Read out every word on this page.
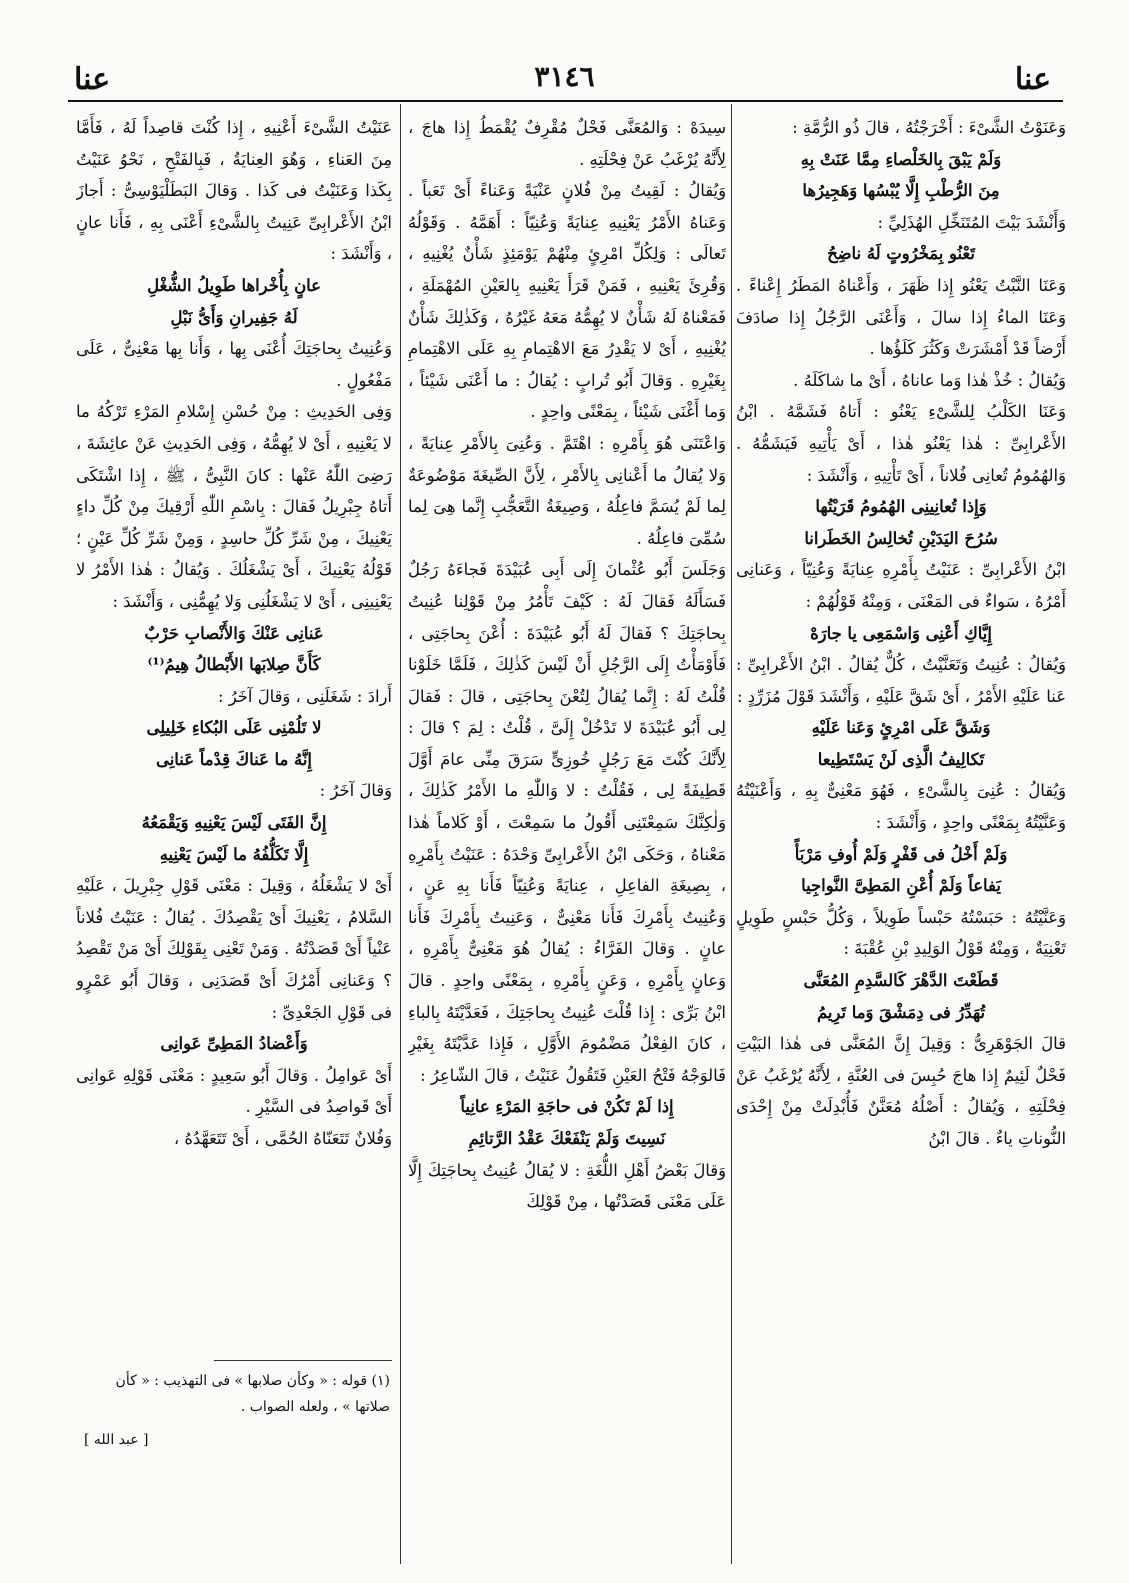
عنا	٣١٤٦	عنا

وَعَنَوْتُ الشَّىْءَ : أَخْرَجْتُهُ ، قالَ ذُو الرُّمَّةِ :

وَلَمْ يَبْقَ بِالخَلْصاءِ مِمَّا عَنَتْ بِهِ

مِنَ الرُّطْبِ إِلَّا يُبْسُها وَهَجِيرُها

وَأَنْشَدَ بَيْتَ المُتَنَخِّلِ الهُذَلِيِّ :

تَعْنُو بِمَخْرُوتٍ لَهُ ناضِحُ

وَعَنَا النَّبْتُ يَعْنُو إِذا ظَهَرَ ، وَأَعْناهُ المَطَرُ إِعْناءً . وَعَنَا الماءُ إِذا سالَ ، وَأَعْنَى الرَّجُلُ إِذا صادَفَ أَرْضاً قَدْ أَمْشَرَتْ وَكَثُرَ كَلَؤُها .

وَيُقالُ : خُذْ هٰذا وَما عاناهُ ، أَىْ ما شاكَلَهُ .

وَعَنَا الكَلْبُ لِلشَّىْءِ يَعْنُو : أَتاهُ فَشَمَّهُ . ابْنُ الأَعْرابِىِّ : هٰذا يَعْنُو هٰذا ، أَىْ يَأْتِيهِ فَيَشَمُّهُ . وَالهُمُومُ تُعانِى فُلاناً ، أَىْ تَأْتِيهِ ، وَأَنْشَدَ :

وَإِذا تُعانِينِى الهُمُومُ قَرَيْتُها

سُرُحَ اليَدَيْنِ تُخالِسُ الخَطَرانا

ابْنُ الأَعْرابِىِّ : عَنَيْتُ بِأَمْرِهِ عِنايَةً وَعُنِيّاً ، وَعَنانِى أَمْرُهُ ، سَواءٌ فى المَعْنَى ، وَمِنْهُ قَوْلُهُمْ :

إِيَّاكِ أَعْنِى وَاسْمَعِى يا جارَهْ

وَيُقالُ : عُنِيتُ وَتَعَنَّيْتُ ، كُلٌّ يُقالُ . ابْنُ الأَعْرابِىِّ : عَنا عَلَيْهِ الأَمْرُ ، أَىْ شَقَّ عَلَيْهِ ، وَأَنْشَدَ قَوْلَ مُزَرِّدٍ :

وَشَقَّ عَلَى امْرِئٍ وَعَنا عَلَيْهِ

تَكالِيفُ الَّذِى لَنْ يَسْتَطِيعا

وَيُقالُ : عُنِىَ بِالشَّىْءِ ، فَهُوَ مَعْنِىٌّ بِهِ ، وَأَعْنَيْتُهُ وَعَنَّيْتُهُ بِمَعْنًى واحِدٍ ، وَأَنْشَدَ :

وَلَمْ أَخْلُ فى قَفْرٍ وَلَمْ أُوفِ مَرْبَأً

يَفاعاً وَلَمْ أُعْنِ المَطِىَّ النَّواجِيا

وَعَنَّيْتُهُ : حَبَسْتُهُ حَبْساً طَوِيلاً ، وَكُلُّ حَبْسٍ طَوِيلٍ تَعْنِيَةٌ ، وَمِنْهُ قَوْلُ الوَلِيدِ بْنِ عُقْبَةَ :

قَطَعْتَ الدَّهْرَ كَالسَّدِمِ المُعَنَّى

تُهَدِّرُ فى دِمَشْقَ وَما تَرِيمُ

قالَ الجَوْهَرِىُّ : وَقِيلَ إِنَّ المُعَنَّى فى هٰذا البَيْتِ فَحْلٌ لَئِيمٌ إِذا هاجَ حُبِسَ فى العُنَّةِ ، لِأَنَّهُ يُرْغَبُ عَنْ فِحْلَتِهِ ، وَيُقالُ : أَصْلُهُ مُعَنَّنٌ فَأُبْدِلَتْ مِنْ إِحْدَى النُّوناتِ ياءٌ . قالَ ابْنُ

سِيدَهْ : وَالمُعَنَّى فَحْلٌ مُقْرِفٌ يُقْمَطُ إِذا هاجَ ، لِأَنَّهُ يُرْغَبُ عَنْ فِحْلَتِهِ .

وَيُقالُ : لَقِيتُ مِنْ فُلانٍ عَنْيَةً وَعَناءً أَىْ تَعَباً . وَعَناهُ الأَمْرُ يَعْنِيهِ عِنايَةً وَعُنِيّاً : أَهَمَّهُ . وَقَوْلُهُ تَعالَى : وَلِكُلِّ امْرِئٍ مِنْهُمْ يَوْمَئِذٍ شَأْنٌ يُغْنِيهِ ، وَقُرِئَ يَعْنِيهِ ، فَمَنْ قَرَأَ يَعْنِيهِ بِالعَيْنِ المُهْمَلَةِ ، فَمَعْناهُ لَهُ شَأْنٌ لا يُهِمُّهُ مَعَهُ غَيْرُهُ ، وَكَذٰلِكَ شَأْنٌ يُغْنِيهِ ، أَىْ لا يَقْدِرُ مَعَ الاهْتِمامِ بِهِ عَلَى الاهْتِمامِ بِغَيْرِهِ . وَقالَ أَبُو تُرابٍ : يُقالُ : ما أَعْنَى شَيْئاً ، وَما أَغْنَى شَيْئاً ، بِمَعْنًى واحِدٍ .

وَاعْتَنَى هُوَ بِأَمْرِهِ : اهْتَمَّ . وَعُنِىَ بِالأَمْرِ عِنايَةً ، وَلا يُقالُ ما أَعْنانِى بِالأَمْرِ ، لِأَنَّ الصِّيغَةَ مَوْضُوعَةٌ لِما لَمْ يُسَمَّ فاعِلُهُ ، وَصِيغَةُ التَّعَجُّبِ إِنَّما هِىَ لِما سُمِّىَ فاعِلُهُ .

وَجَلَسَ أَبُو عُثْمانَ إِلَى أَبِى عُبَيْدَةَ فَجاءَهُ رَجُلٌ فَسَأَلَهُ فَقالَ لَهُ : كَيْفَ تَأْمُرُ مِنْ قَوْلِنا عُنِيتُ بِحاجَتِكَ ؟ فَقالَ لَهُ أَبُو عُبَيْدَةَ : أُعْنَ بِحاجَتِى ، فَأَوْمَأْتُ إِلَى الرَّجُلِ أَنْ لَيْسَ كَذٰلِكَ ، فَلَمَّا خَلَوْنا قُلْتُ لَهُ : إِنَّما يُقالُ لِتُعْنَ بِحاجَتِى ، قالَ : فَقالَ لِى أَبُو عُبَيْدَةَ لا تَدْخُلْ إِلَىَّ ، قُلْتُ : لِمَ ؟ قالَ : لِأَنَّكَ كُنْتَ مَعَ رَجُلٍ خُوزِىٍّ سَرَقَ مِنِّى عامَ أَوَّلَ قَطِيفَةً لِى ، فَقُلْتُ : لا وَاللّٰهِ ما الأَمْرُ كَذٰلِكَ ، وَلٰكِنَّكَ سَمِعْتَنِى أَقُولُ ما سَمِعْتَ ، أَوْ كَلاماً هٰذا مَعْناهُ ، وَحَكَى ابْنُ الأَعْرابِىِّ وَحْدَهُ : عَنَيْتُ بِأَمْرِهِ ، بِصِيغَةِ الفاعِلِ ، عِنايَةً وَعُنِيّاً فَأَنا بِهِ عَنٍ ، وَعُنِيتُ بِأَمْرِكَ فَأَنا مَعْنِىٌّ ، وَعَنِيتُ بِأَمْرِكَ فَأَنا عانٍ . وَقالَ الفَرَّاءُ : يُقالُ هُوَ مَعْنِىٌّ بِأَمْرِهِ ، وَعانٍ بِأَمْرِهِ ، وَعَنٍ بِأَمْرِهِ ، بِمَعْنًى واحِدٍ . قالَ ابْنُ بَرِّى : إِذا قُلْتَ عُنِيتُ بِحاجَتِكَ ، فَعَدَّيْتَهُ بِالباءِ ، كانَ الفِعْلُ مَضْمُومَ الأَوَّلِ ، فَإِذا عَدَّيْتَهُ بِغَيْرِ فَالوَجْهُ فَتْحُ العَيْنِ فَتَقُولُ عَنَيْتُ ، قالَ الشّاعِرُ :

إِذا لَمْ تَكُنْ فى حاجَةِ المَرْءِ عانِياً

نَسِيتَ وَلَمْ يَنْفَعْكَ عَقْدُ الرَّتائِمِ

وَقالَ بَعْضُ أَهْلِ اللُّغَةِ : لا يُقالُ عُنِيتُ بِحاجَتِكَ إِلَّا عَلَى مَعْنَى قَصَدْتُها ، مِنْ قَوْلِكَ

عَنَيْتُ الشَّىْءَ أَعْنِيهِ ، إِذا كُنْتَ قاصِداً لَهُ ، فَأَمَّا مِنَ العَناءِ ، وَهُوَ العِنايَةُ ، فَبِالفَتْحِ ، نَحْوُ عَنَيْتُ بِكَذا وَعَنَيْتُ فى كَذا . وَقالَ البَطَلْيَوْسِىُّ : أَجازَ ابْنُ الأَعْرابِىِّ عَنِيتُ بِالشَّىْءِ أَعْنَى بِهِ ، فَأَنا عانٍ ، وَأَنْشَدَ :

عانٍ بِأُخْراها طَوِيلُ الشُّغْلِ

لَهُ جَفِيرانِ وَأَىُّ نَبْلِ

وَعُنِيتُ بِحاجَتِكَ أُعْنَى بِها ، وَأَنا بِها مَعْنِىٌّ ، عَلَى مَفْعُولٍ .

وَفِى الحَدِيثِ : مِنْ حُسْنِ إِسْلامِ المَرْءِ تَرْكُهُ ما لا يَعْنِيهِ ، أَىْ لا يُهِمُّهُ ، وَفِى الحَدِيثِ عَنْ عائِشَةَ ، رَضِىَ اللّٰهُ عَنْها : كانَ النَّبِىُّ ، ﷺ ، إِذا اشْتَكَى أَتاهُ جِبْرِيلُ فَقالَ : بِاسْمِ اللّٰهِ أَرْقِيكَ مِنْ كُلِّ داءٍ يَعْنِيكَ ، مِنْ شَرِّ كُلِّ حاسِدٍ ، وَمِنْ شَرِّ كُلِّ عَيْنٍ ؛ قَوْلُهُ يَعْنِيكَ ، أَىْ يَشْغَلُكَ . وَيُقالُ : هٰذا الأَمْرُ لا يَعْنِينِى ، أَىْ لا يَشْغَلُنِى وَلا يُهِمُّنِى ، وَأَنْشَدَ :

عَنانِى عَنْكَ وَالأَنْصابِ حَرْبٌ

كَأَنَّ صِلابَها الأَبْطالُ هِيمُ⁽¹⁾

أَرادَ : شَغَلَنِى ، وَقالَ آخَرُ :

لا تَلُمْنِى عَلَى البُكاءِ خَلِيلِى

إِنَّهُ ما عَناكَ قِدْماً عَنانِى

وَقالَ آخَرُ :

إِنَّ الفَتَى لَيْسَ يَعْنِيهِ وَيَقْمَعُهُ

إِلَّا تَكَلُّفُهُ ما لَيْسَ يَعْنِيهِ

أَىْ لا يَشْغَلُهُ ، وَقِيلَ : مَعْنَى قَوْلِ جِبْرِيلَ ، عَلَيْهِ السَّلامُ ، يَعْنِيكَ أَىْ يَقْصِدُكَ . يُقالُ : عَنَيْتُ فُلاناً عَنْياً أَىْ قَصَدْتُهُ . وَمَنْ تَعْنِى بِقَوْلِكَ أَىْ مَنْ تَقْصِدُ ؟ وَعَنانِى أَمْرُكَ أَىْ قَصَدَنِى ، وَقالَ أَبُو عَمْرٍو فى قَوْلِ الجَعْدِىِّ :

وَأَعْضادُ المَطِىِّ عَوانِى

أَىْ عَوامِلُ . وَقالَ أَبُو سَعِيدٍ : مَعْنَى قَوْلِهِ عَوانِى أَىْ قَواصِدُ فى السَّيْرِ .

وَفُلانٌ تَتَعَنّاهُ الحُمَّى ، أَىْ تَتَعَهَّدُهُ ،

(١) قوله : « وكأن صلابها » فى التهذيب : « كأن صلاتها » ، ولعله الصواب .
[ عبد الله ]
